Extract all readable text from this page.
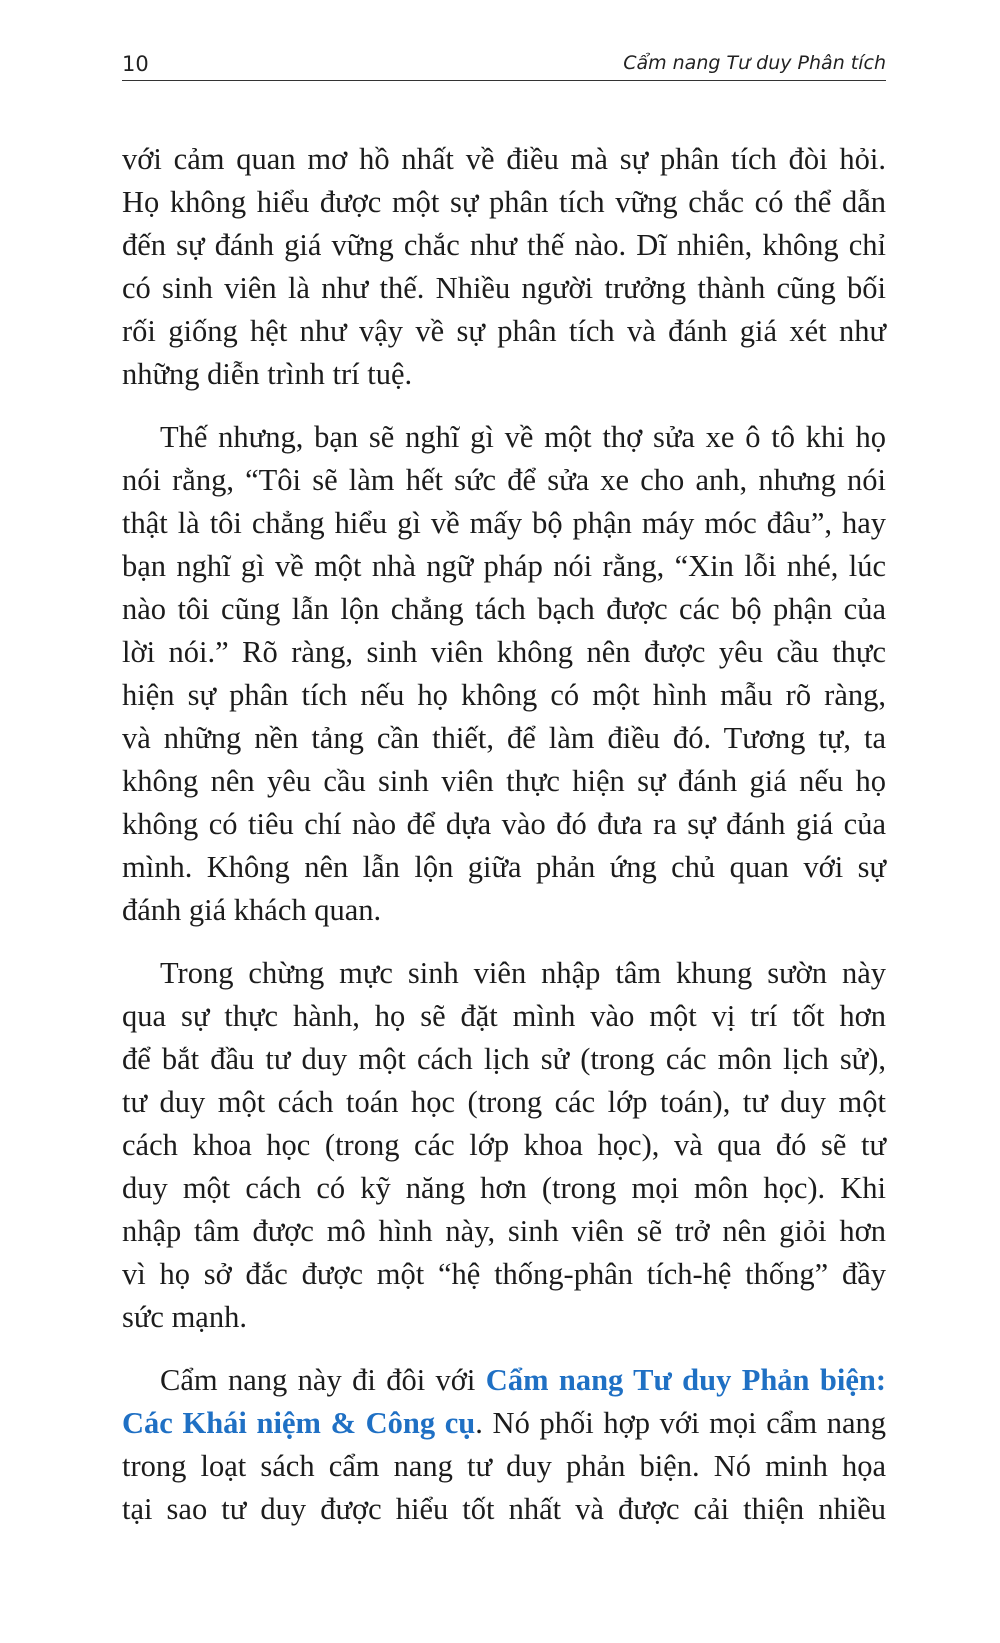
10	Cẩm nang Tư duy Phân tích
với cảm quan mơ hồ nhất về điều mà sự phân tích đòi hỏi.
Họ không hiểu được một sự phân tích vững chắc có thể dẫn
đến sự đánh giá vững chắc như thế nào. Dĩ nhiên, không chỉ
có sinh viên là như thế. Nhiều người trưởng thành cũng bối
rối giống hệt như vậy về sự phân tích và đánh giá xét như
những diễn trình trí tuệ.
Thế nhưng, bạn sẽ nghĩ gì về một thợ sửa xe ô tô khi họ
nói rằng, “Tôi sẽ làm hết sức để sửa xe cho anh, nhưng nói
thật là tôi chẳng hiểu gì về mấy bộ phận máy móc đâu”, hay
bạn nghĩ gì về một nhà ngữ pháp nói rằng, “Xin lỗi nhé, lúc
nào tôi cũng lẫn lộn chẳng tách bạch được các bộ phận của
lời nói.” Rõ ràng, sinh viên không nên được yêu cầu thực
hiện sự phân tích nếu họ không có một hình mẫu rõ ràng,
và những nền tảng cần thiết, để làm điều đó. Tương tự, ta
không nên yêu cầu sinh viên thực hiện sự đánh giá nếu họ
không có tiêu chí nào để dựa vào đó đưa ra sự đánh giá của
mình. Không nên lẫn lộn giữa phản ứng chủ quan với sự
đánh giá khách quan.
Trong chừng mực sinh viên nhập tâm khung sườn này
qua sự thực hành, họ sẽ đặt mình vào một vị trí tốt hơn
để bắt đầu tư duy một cách lịch sử (trong các môn lịch sử),
tư duy một cách toán học (trong các lớp toán), tư duy một
cách khoa học (trong các lớp khoa học), và qua đó sẽ tư
duy một cách có kỹ năng hơn (trong mọi môn học). Khi
nhập tâm được mô hình này, sinh viên sẽ trở nên giỏi hơn
vì họ sở đắc được một “hệ thống-phân tích-hệ thống” đầy
sức mạnh.
Cẩm nang này đi đôi với Cẩm nang Tư duy Phản biện:
Các Khái niệm & Công cụ. Nó phối hợp với mọi cẩm nang
trong loạt sách cẩm nang tư duy phản biện. Nó minh họa
tại sao tư duy được hiểu tốt nhất và được cải thiện nhiều
